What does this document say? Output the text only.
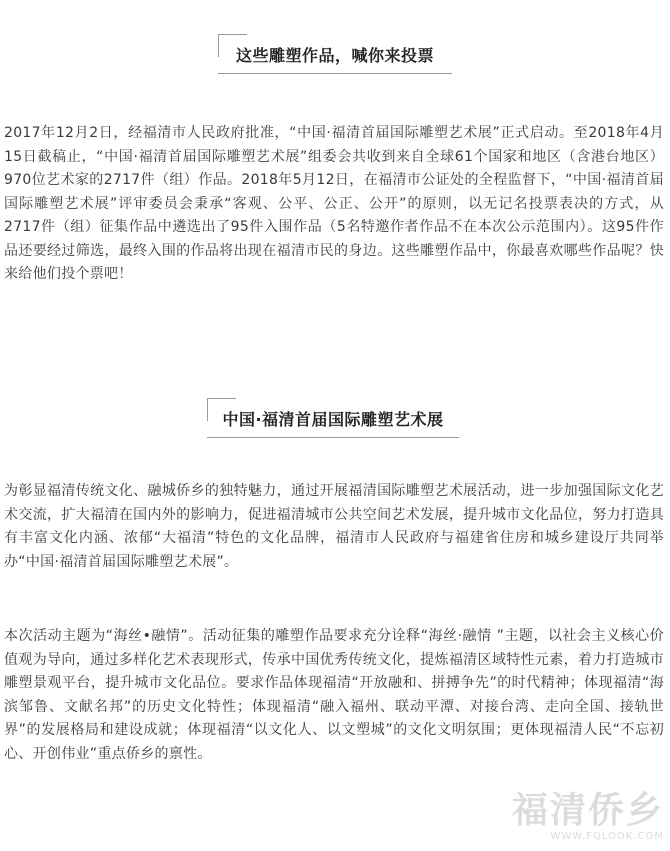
这些雕塑作品，喊你来投票

2017年12月2日，经福清市人民政府批准，“中国·福清首届国际雕塑艺术展”正式启动。至2018年4月15日截稿止，“中国·福清首届国际雕塑艺术展”组委会共收到来自全球61个国家和地区（含港台地区）970位艺术家的2717件（组）作品。2018年5月12日，在福清市公证处的全程监督下，“中国·福清首届国际雕塑艺术展”评审委员会秉承“客观、公平、公正、公开”的原则，以无记名投票表决的方式，从2717件（组）征集作品中遴选出了95件入围作品（5名特邀作者作品不在本次公示范围内）。这95件作品还要经过筛选，最终入围的作品将出现在福清市民的身边。这些雕塑作品中，你最喜欢哪些作品呢？快来给他们投个票吧！

中国·福清首届国际雕塑艺术展

为彰显福清传统文化、融城侨乡的独特魅力，通过开展福清国际雕塑艺术展活动，进一步加强国际文化艺术交流，扩大福清在国内外的影响力，促进福清城市公共空间艺术发展，提升城市文化品位，努力打造具有丰富文化内涵、浓郁“大福清”特色的文化品牌，福清市人民政府与福建省住房和城乡建设厅共同举办“中国·福清首届国际雕塑艺术展”。

本次活动主题为“海丝•融情”。活动征集的雕塑作品要求充分诠释“海丝·融情 ”主题，以社会主义核心价值观为导向，通过多样化艺术表现形式，传承中国优秀传统文化，提炼福清区域特性元素，着力打造城市雕塑景观平台，提升城市文化品位。要求作品体现福清“开放融和、拼搏争先”的时代精神；体现福清“海滨邹鲁、文献名邦”的历史文化特性；体现福清“融入福州、联动平潭、对接台湾、走向全国、接轨世界”的发展格局和建设成就；体现福清“以文化人、以文塑城”的文化文明氛围；更体现福清人民“不忘初心、开创伟业”重点侨乡的禀性。

福清侨乡
WWW.FQLOOK.COM
